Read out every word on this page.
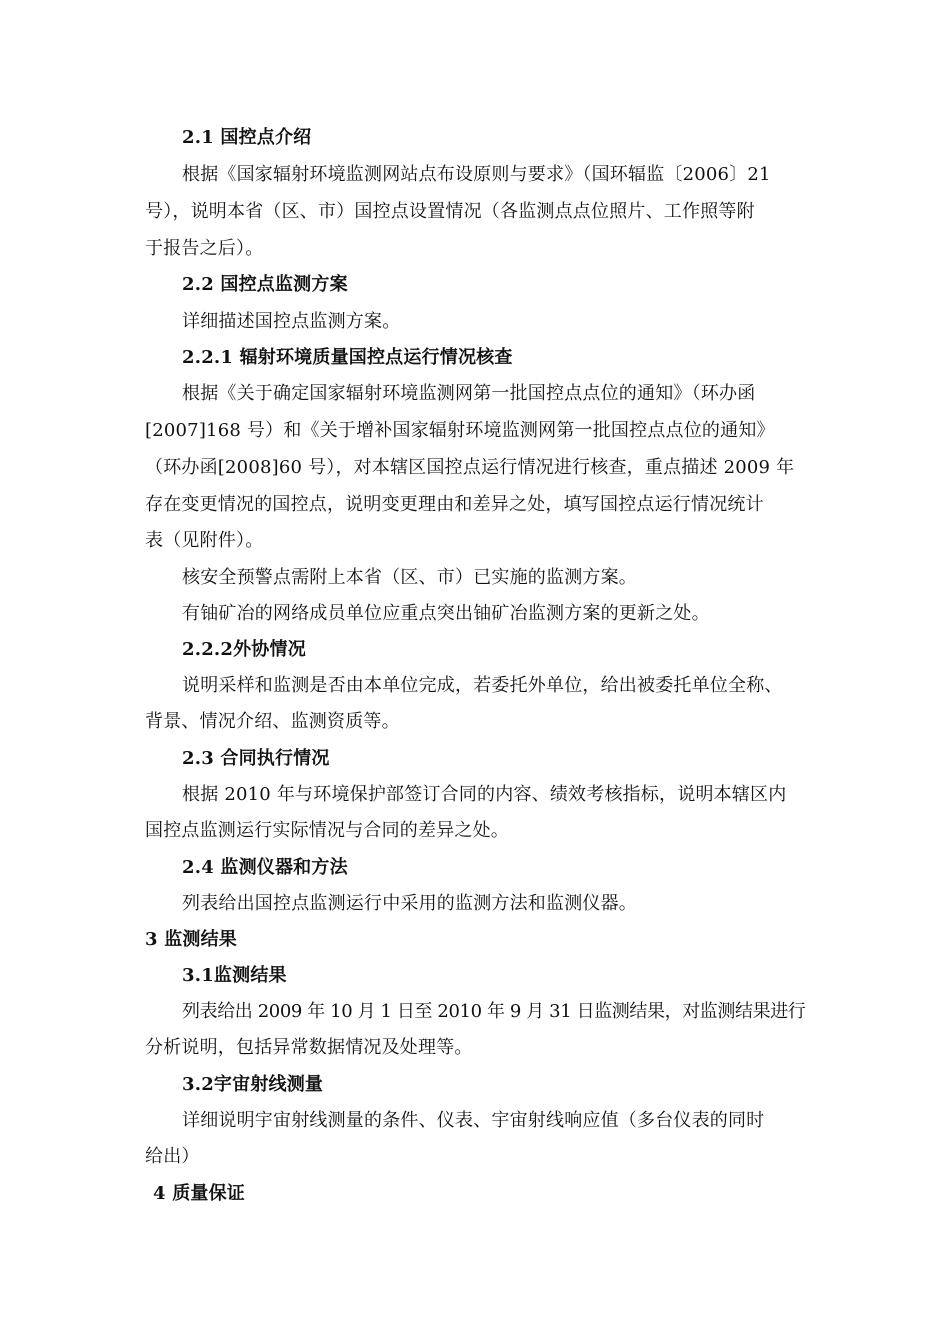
2.1 国控点介绍
根据《国家辐射环境监测网站点布设原则与要求》（国环辐监〔2006〕21
号），说明本省（区、市）国控点设置情况（各监测点点位照片、工作照等附
于报告之后）。
2.2 国控点监测方案
详细描述国控点监测方案。
2.2.1 辐射环境质量国控点运行情况核查
根据《关于确定国家辐射环境监测网第一批国控点点位的通知》（环办函
[2007]168 号）和《关于增补国家辐射环境监测网第一批国控点点位的通知》
（环办函[2008]60 号），对本辖区国控点运行情况进行核查，重点描述 2009 年
存在变更情况的国控点，说明变更理由和差异之处，填写国控点运行情况统计
表（见附件）。
核安全预警点需附上本省（区、市）已实施的监测方案。
有铀矿冶的网络成员单位应重点突出铀矿冶监测方案的更新之处。
2.2.2外协情况
说明采样和监测是否由本单位完成，若委托外单位，给出被委托单位全称、
背景、情况介绍、监测资质等。
2.3 合同执行情况
根据 2010 年与环境保护部签订合同的内容、绩效考核指标，说明本辖区内
国控点监测运行实际情况与合同的差异之处。
2.4 监测仪器和方法
列表给出国控点监测运行中采用的监测方法和监测仪器。
3 监测结果
3.1监测结果
列表给出 2009 年 10 月 1 日至 2010 年 9 月 31 日监测结果，对监测结果进行
分析说明，包括异常数据情况及处理等。
3.2宇宙射线测量
详细说明宇宙射线测量的条件、仪表、宇宙射线响应值（多台仪表的同时
给出）
4 质量保证
